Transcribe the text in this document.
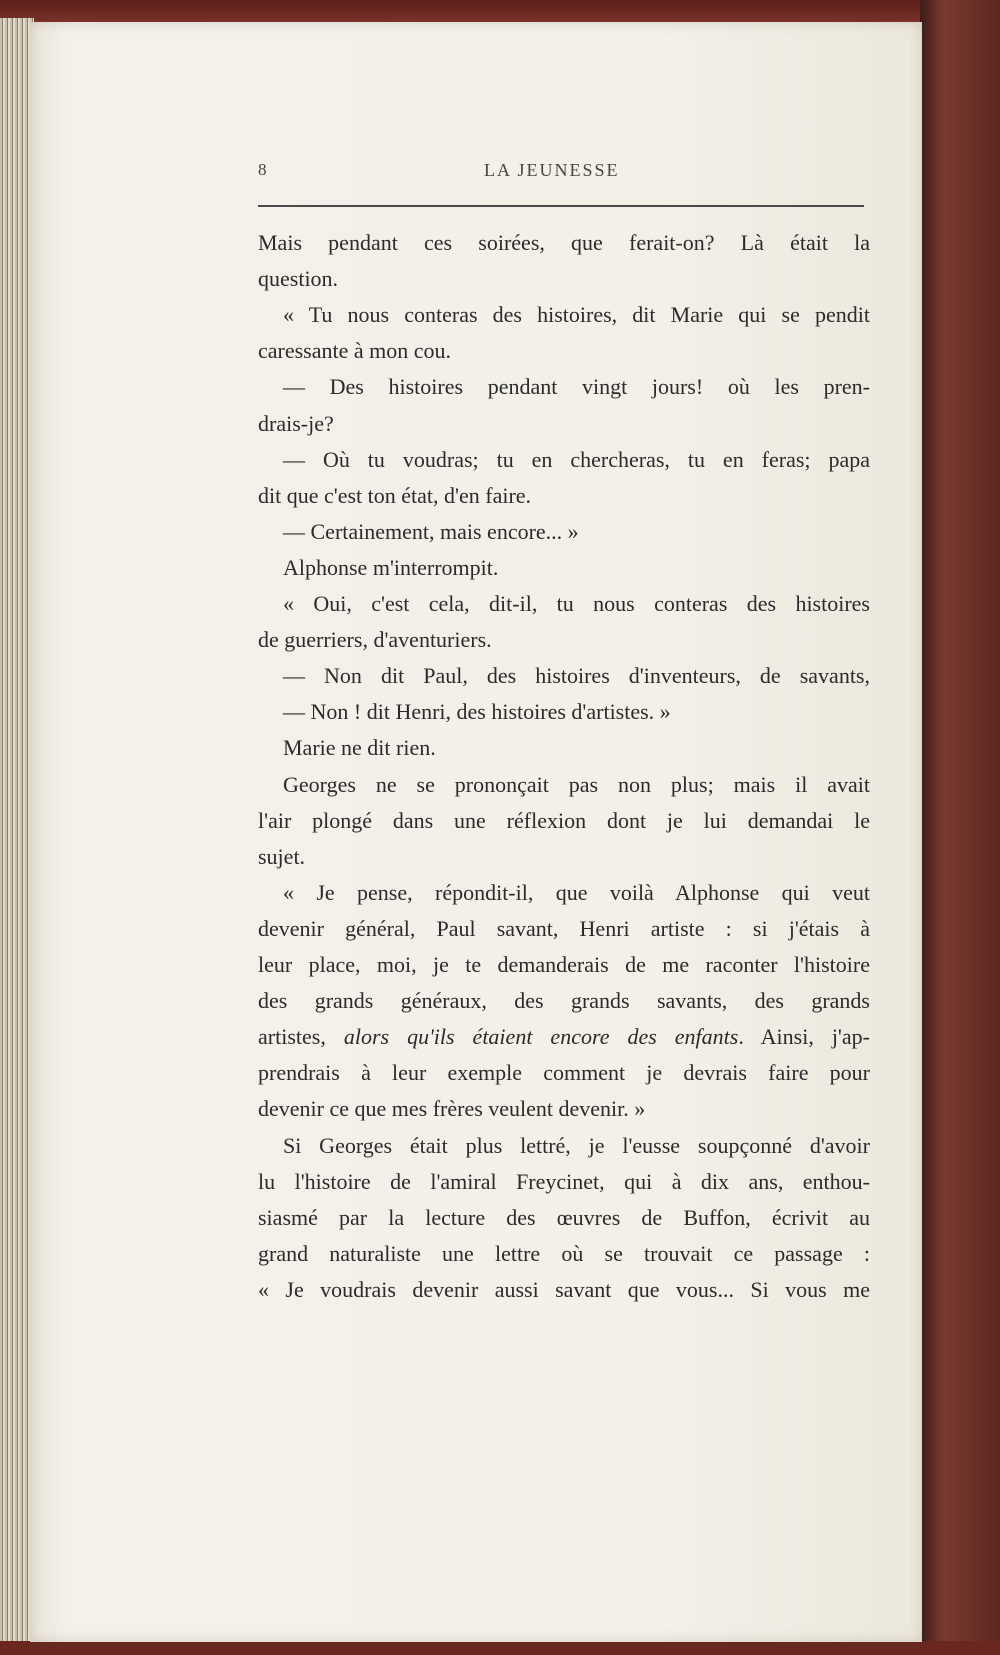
8	LA JEUNESSE
Mais pendant ces soirées, que ferait-on? Là était la
question.
« Tu nous conteras des histoires, dit Marie qui se pendit
caressante à mon cou.
— Des histoires pendant vingt jours! où les pren-
drais-je?
— Où tu voudras; tu en chercheras, tu en feras; papa
dit que c'est ton état, d'en faire.
— Certainement, mais encore... »
Alphonse m'interrompit.
« Oui, c'est cela, dit-il, tu nous conteras des histoires
de guerriers, d'aventuriers.
— Non dit Paul, des histoires d'inventeurs, de savants,
— Non ! dit Henri, des histoires d'artistes. »
Marie ne dit rien.
Georges ne se prononçait pas non plus; mais il avait
l'air plongé dans une réflexion dont je lui demandai le
sujet.
« Je pense, répondit-il, que voilà Alphonse qui veut
devenir général, Paul savant, Henri artiste : si j'étais à
leur place, moi, je te demanderais de me raconter l'histoire
des grands généraux, des grands savants, des grands
artistes, alors qu'ils étaient encore des enfants. Ainsi, j'ap-
prendrais à leur exemple comment je devrais faire pour
devenir ce que mes frères veulent devenir. »
Si Georges était plus lettré, je l'eusse soupçonné d'avoir
lu l'histoire de l'amiral Freycinet, qui à dix ans, enthou-
siasmé par la lecture des œuvres de Buffon, écrivit au
grand naturaliste une lettre où se trouvait ce passage :
« Je voudrais devenir aussi savant que vous... Si vous me
